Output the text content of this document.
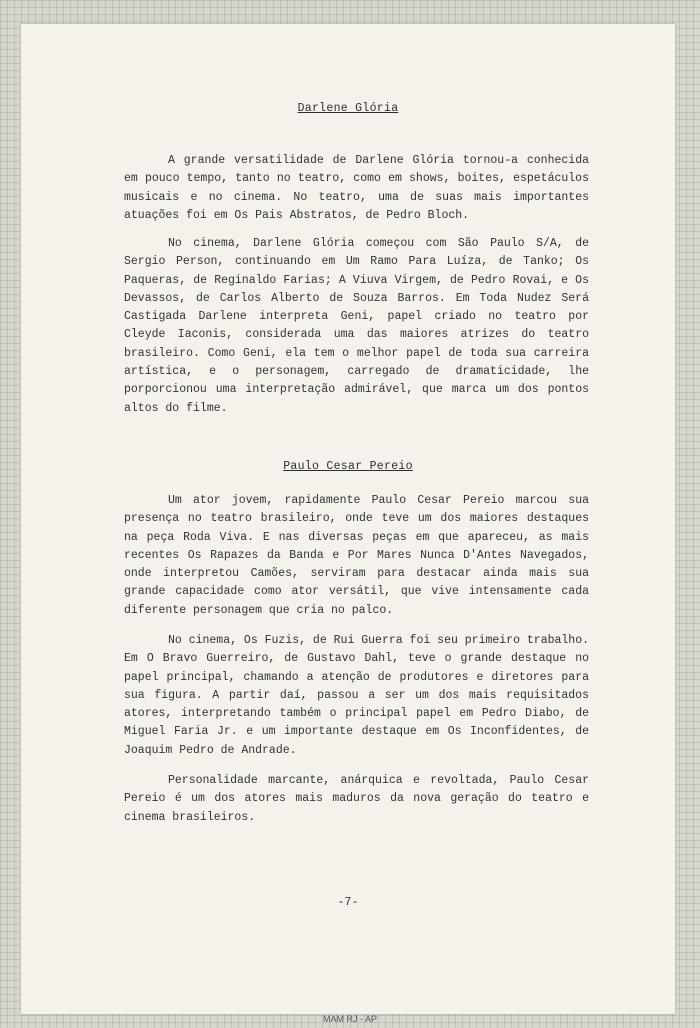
Darlene Glória

A grande versatilidade de Darlene Glória tornou-a conhecida em pouco tempo, tanto no teatro, como em shows, boites, espetáculos musicais e no cinema. No teatro, uma de suas mais importantes atuações foi em Os Pais Abstratos, de Pedro Bloch.

No cinema, Darlene Glória começou com São Paulo S/A, de Sergio Person, continuando em Um Ramo Para Luíza, de Tanko; Os Paqueras, de Reginaldo Farias; A Viuva Virgem, de Pedro Rovai, e Os Devassos, de Carlos Alberto de Souza Barros. Em Toda Nudez Será Castigada Darlene interpreta Geni, papel criado no teatro por Cleyde Iaconis, considerada uma das maiores atrizes do teatro brasileiro. Como Geni, ela tem o melhor papel de toda sua carreira artística, e o personagem, carregado de dramaticidade, lhe porporcionou uma interpretação admirável, que marca um dos pontos altos do filme.

Paulo Cesar Pereio

Um ator jovem, rapidamente Paulo Cesar Pereio marcou sua presença no teatro brasileiro, onde teve um dos maiores destaques na peça Roda Viva. E nas diversas peças em que apareceu, as mais recentes Os Rapazes da Banda e Por Mares Nunca D'Antes Navegados, onde interpretou Camões, serviram para destacar ainda mais sua grande capacidade como ator versátil, que vive intensamente cada diferente personagem que cria no palco.

No cinema, Os Fuzis, de Rui Guerra foi seu primeiro trabalho. Em O Bravo Guerreiro, de Gustavo Dahl, teve o grande destaque no papel principal, chamando a atenção de produtores e diretores para sua figura. A partir daí, passou a ser um dos mais requisitados atores, interpretando também o principal papel em Pedro Diabo, de Miguel Faria Jr. e um importante destaque em Os Inconfidentes, de Joaquim Pedro de Andrade.

Personalidade marcante, anárquica e revoltada, Paulo Cesar Pereio é um dos atores mais maduros da nova geração do teatro e cinema brasileiros.

-7-
MAM RJ - AP
